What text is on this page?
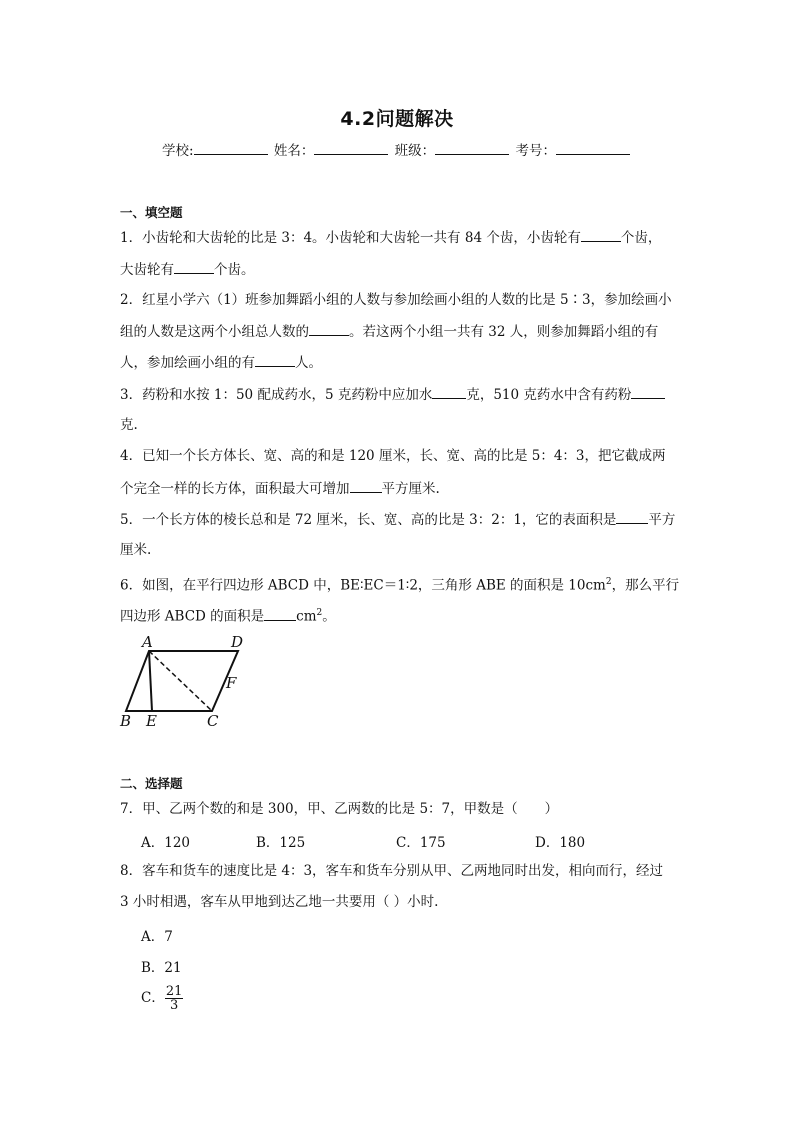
4.2问题解决
学校:	姓名：	班级：	考号：
一、填空题
1．小齿轮和大齿轮的比是 3：4。小齿轮和大齿轮一共有 84 个齿，小齿轮有	个齿，
大齿轮有	个齿。
2．红星小学六（1）班参加舞蹈小组的人数与参加绘画小组的人数的比是 5∶3，参加绘画小
组的人数是这两个小组总人数的	。若这两个小组一共有 32 人，则参加舞蹈小组的有
人，参加绘画小组的有	人。
3．药粉和水按 1：50 配成药水，5 克药粉中应加水	克，510 克药水中含有药粉
克.
4．已知一个长方体长、宽、高的和是 120 厘米，长、宽、高的比是 5：4：3，把它截成两
个完全一样的长方体，面积最大可增加 平方厘米.
5．一个长方体的棱长总和是 72 厘米，长、宽、高的比是 3：2：1，它的表面积是 平方
厘米.
6．如图，在平行四边形 ABCD 中，BE∶EC＝1∶2，三角形 ABE 的面积是 $10cm^2$，那么平行
四边形 ABCD 的面积是 $cm^2$。
A	D
F
B E	C
二、选择题
7．甲、乙两个数的和是 300，甲、乙两数的比是 5：7，甲数是（　　）
A．120	B．125	C．175	D．180
8．客车和货车的速度比是 4：3，客车和货车分别从甲、乙两地同时出发，相向而行，经过
3 小时相遇，客车从甲地到达乙地一共要用（ ）小时.
A．7
B．21
C． $\frac{21}{3}$
